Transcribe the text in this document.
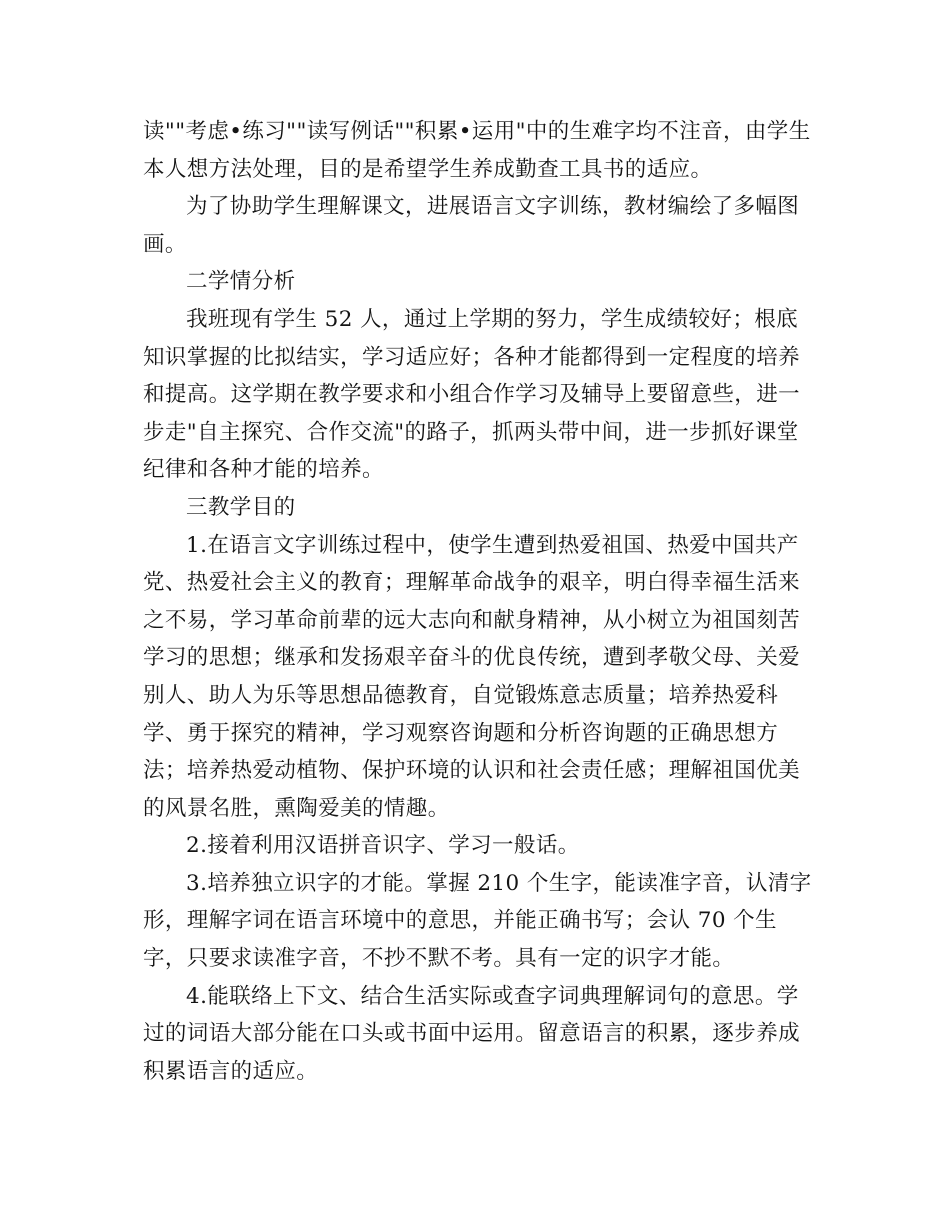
读""考虑•练习""读写例话""积累•运用"中的生难字均不注音，由学生本人想方法处理，目的是希望学生养成勤查工具书的适应。

为了协助学生理解课文，进展语言文字训练，教材编绘了多幅图画。

二学情分析

我班现有学生 52 人，通过上学期的努力，学生成绩较好；根底知识掌握的比拟结实，学习适应好；各种才能都得到一定程度的培养和提高。这学期在教学要求和小组合作学习及辅导上要留意些，进一步走"自主探究、合作交流"的路子，抓两头带中间，进一步抓好课堂纪律和各种才能的培养。

三教学目的

1.在语言文字训练过程中，使学生遭到热爱祖国、热爱中国共产党、热爱社会主义的教育；理解革命战争的艰辛，明白得幸福生活来之不易，学习革命前辈的远大志向和献身精神，从小树立为祖国刻苦学习的思想；继承和发扬艰辛奋斗的优良传统，遭到孝敬父母、关爱别人、助人为乐等思想品德教育，自觉锻炼意志质量；培养热爱科学、勇于探究的精神，学习观察咨询题和分析咨询题的正确思想方法；培养热爱动植物、保护环境的认识和社会责任感；理解祖国优美的风景名胜，熏陶爱美的情趣。

2.接着利用汉语拼音识字、学习一般话。

3.培养独立识字的才能。掌握 210 个生字，能读准字音，认清字形，理解字词在语言环境中的意思，并能正确书写；会认 70 个生字，只要求读准字音，不抄不默不考。具有一定的识字才能。

4.能联络上下文、结合生活实际或查字词典理解词句的意思。学过的词语大部分能在口头或书面中运用。留意语言的积累，逐步养成积累语言的适应。
